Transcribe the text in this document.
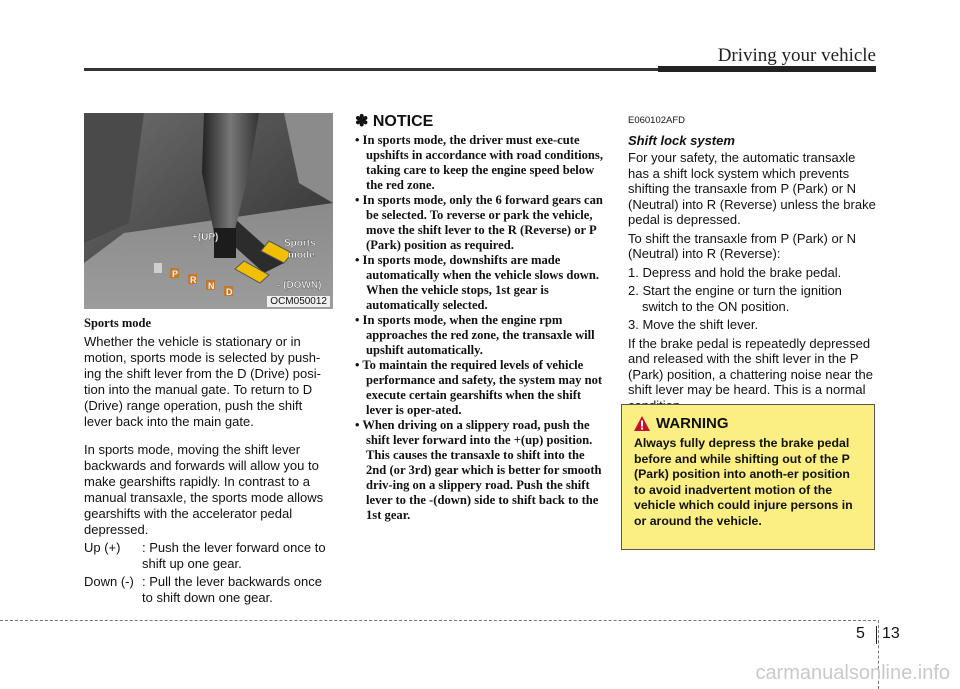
Driving your vehicle
P
R
N
D
+(UP)
Sports
mode
- (DOWN)
OCM050012
Sports mode

Whether the vehicle is stationary or in motion, sports mode is selected by push-ing the shift lever from the D (Drive) posi-tion into the manual gate. To return to D (Drive) range operation, push the shift lever back into the main gate.

In sports mode, moving the shift lever backwards and forwards will allow you to make gearshifts rapidly. In contrast to a manual transaxle, the sports mode allows gearshifts with the accelerator pedal depressed.

Up (+)	: Push the lever forward once to shift up one gear.
Down (-) : Pull the lever backwards once to shift down one gear.
✽ NOTICE
• In sports mode, the driver must exe-cute upshifts in accordance with road conditions, taking care to keep the engine speed below the red zone.
• In sports mode, only the 6 forward gears can be selected. To reverse or park the vehicle, move the shift lever to the R (Reverse) or P (Park) position as required.
• In sports mode, downshifts are made automatically when the vehicle slows down. When the vehicle stops, 1st gear is automatically selected.
• In sports mode, when the engine rpm approaches the red zone, the transaxle will upshift automatically.
• To maintain the required levels of vehicle performance and safety, the system may not execute certain gearshifts when the shift lever is oper-ated.
• When driving on a slippery road, push the shift lever forward into the +(up) position. This causes the transaxle to shift into the 2nd (or 3rd) gear which is better for smooth driv-ing on a slippery road. Push the shift lever to the -(down) side to shift back to the 1st gear.
E060102AFD
Shift lock system

For your safety, the automatic transaxle has a shift lock system which prevents shifting the transaxle from P (Park) or N (Neutral) into R (Reverse) unless the brake pedal is depressed.

To shift the transaxle from P (Park) or N (Neutral) into R (Reverse):

1. Depress and hold the brake pedal.

2. Start the engine or turn the ignition switch to the ON position.

3. Move the shift lever.

If the brake pedal is repeatedly depressed and released with the shift lever in the P (Park) position, a chattering noise near the shift lever may be heard. This is a normal

WARNING
Always fully depress the brake pedal before and while shifting out of the P (Park) position into anoth-er position to avoid inadvertent motion of the vehicle which could injure persons in or around the vehicle.
5 13
carmanualsonline.info
